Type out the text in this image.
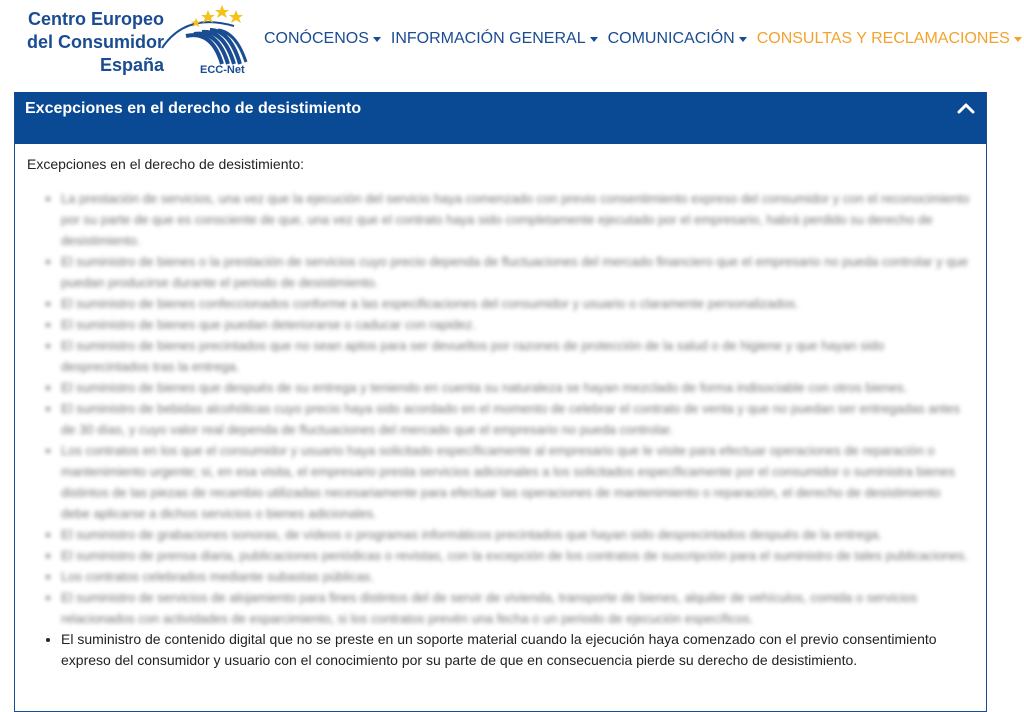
Centro Europeo
del Consumidor
España	ECC-Net
CONÓCENOS INFORMACIÓN GENERAL COMUNICACIÓN CONSULTAS Y RECLAMACIONES
Excepciones en el derecho de desistimiento

Excepciones en el derecho de desistimiento:

• La prestación de servicios, una vez que la ejecución del servicio haya comenzado con previo consentimiento expreso del consumidor y con el reconocimiento por su parte de que es consciente de que, una vez que el contrato haya sido completamente ejecutado por el empresario, habrá perdido su derecho de desistimiento.
• El suministro de bienes o la prestación de servicios cuyo precio dependa de fluctuaciones del mercado financiero que el empresario no pueda controlar y que puedan producirse durante el periodo de desistimiento.
• El suministro de bienes confeccionados conforme a las especificaciones del consumidor y usuario o claramente personalizados.
• El suministro de bienes que puedan deteriorarse o caducar con rapidez.
• El suministro de bienes precintados que no sean aptos para ser devueltos por razones de protección de la salud o de higiene y que hayan sido desprecintados tras la entrega.
• El suministro de bienes que después de su entrega y teniendo en cuenta su naturaleza se hayan mezclado de forma indisociable con otros bienes.
• El suministro de bebidas alcohólicas cuyo precio haya sido acordado en el momento de celebrar el contrato de venta y que no puedan ser entregadas antes de 30 días, y cuyo valor real dependa de fluctuaciones del mercado que el empresario no pueda controlar.
• Los contratos en los que el consumidor y usuario haya solicitado específicamente al empresario que le visite para efectuar operaciones de reparación o mantenimiento urgente; si, en esa visita, el empresario presta servicios adicionales a los solicitados específicamente por el consumidor o suministra bienes distintos de las piezas de recambio utilizadas necesariamente para efectuar las operaciones de mantenimiento o reparación, el derecho de desistimiento debe aplicarse a dichos servicios o bienes adicionales.
• El suministro de grabaciones sonoras, de vídeos o programas informáticos precintados que hayan sido desprecintados después de la entrega.
• El suministro de prensa diaria, publicaciones periódicas o revistas, con la excepción de los contratos de suscripción para el suministro de tales publicaciones.
• Los contratos celebrados mediante subastas públicas.
• El suministro de servicios de alojamiento para fines distintos del de servir de vivienda, transporte de bienes, alquiler de vehículos, comida o servicios relacionados con actividades de esparcimiento, si los contratos prevén una fecha o un periodo de ejecución específicos.
• El suministro de contenido digital que no se preste en un soporte material cuando la ejecución haya comenzado con el previo consentimiento expreso del consumidor y usuario con el conocimiento por su parte de que en consecuencia pierde su derecho de desistimiento.
